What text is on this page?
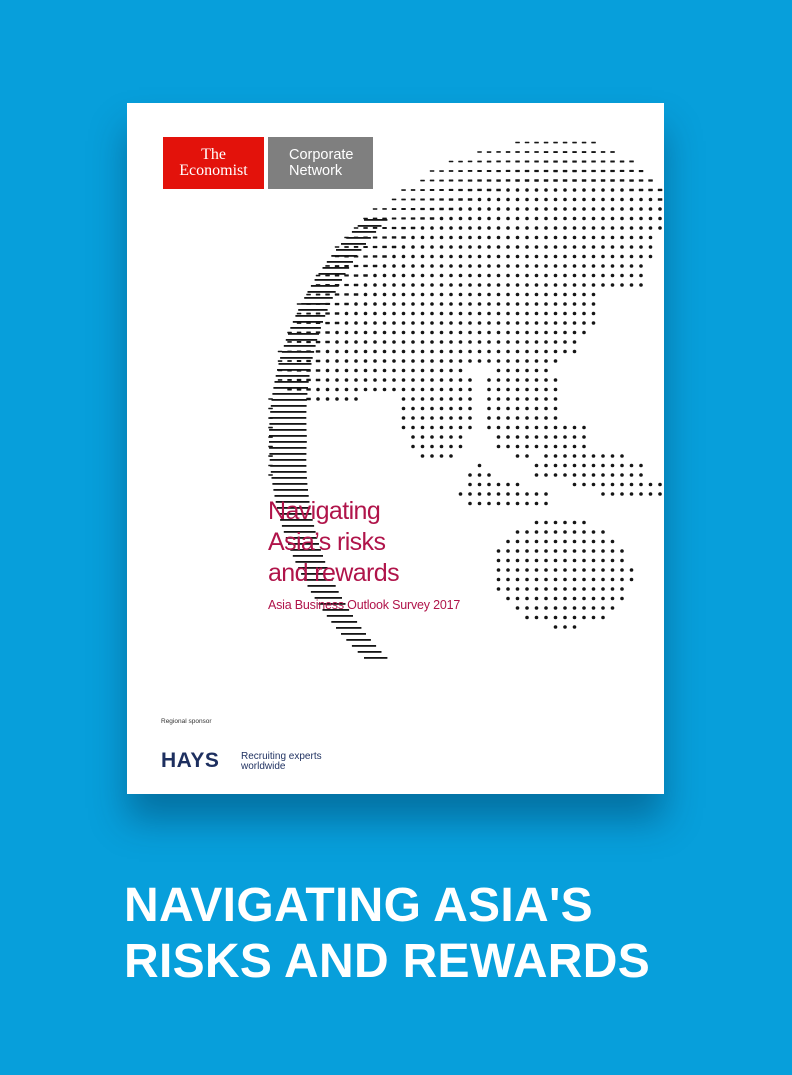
The
Economist
Corporate
Network
Navigating
Asia’s risks
and rewards
Asia Business Outlook Survey 2017
Regional sponsor
HAYS Recruiting experts
worldwide
NAVIGATING ASIA'S
RISKS AND REWARDS
